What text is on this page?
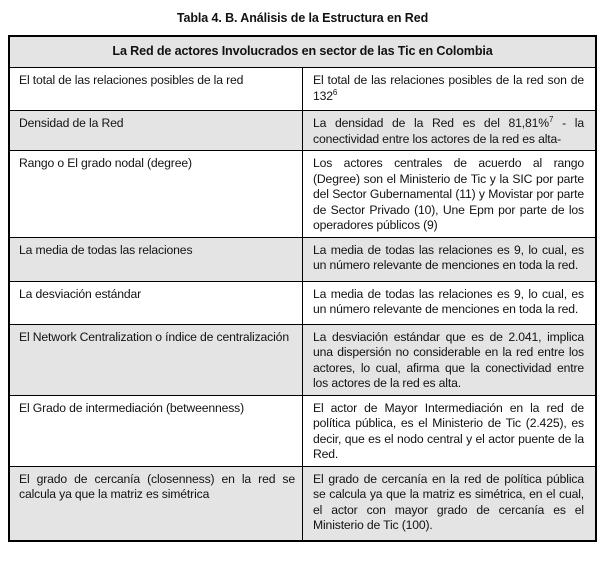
Tabla 4. B. Análisis de la Estructura en Red
La Red de actores Involucrados en sector de las Tic en Colombia	
El total de las relaciones posibles de la red	El total de las relaciones posibles de la red son de $132^6$
Densidad de la Red	La densidad de la Red es del 81,81%$^7$ - la conectividad entre los actores de la red es alta-
Rango o El grado nodal (degree)	Los actores centrales de acuerdo al rango (Degree) son el Ministerio de Tic y la SIC por parte del Sector Gubernamental (11) y Movistar por parte de Sector Privado (10), Une Epm por parte de los operadores públicos (9)
La media de todas las relaciones	La media de todas las relaciones es 9, lo cual, es un número relevante de menciones en toda la red.
La desviación estándar	La media de todas las relaciones es 9, lo cual, es un número relevante de menciones en toda la red.
El Network Centralization o índice de centralización	La desviación estándar que es de 2.041, implica una dispersión no considerable en la red entre los actores, lo cual, afirma que la conectividad entre los actores de la red es alta.
El Grado de intermediación (betweenness)	El actor de Mayor Intermediación en la red de política pública, es el Ministerio de Tic (2.425), es decir, que es el nodo central y el actor puente de la Red.
El grado de cercanía (closenness) en la red se calcula ya que la matriz es simétrica	El grado de cercanía en la red de política pública se calcula ya que la matriz es simétrica, en el cual, el actor con mayor grado de cercanía es el Ministerio de Tic (100).
